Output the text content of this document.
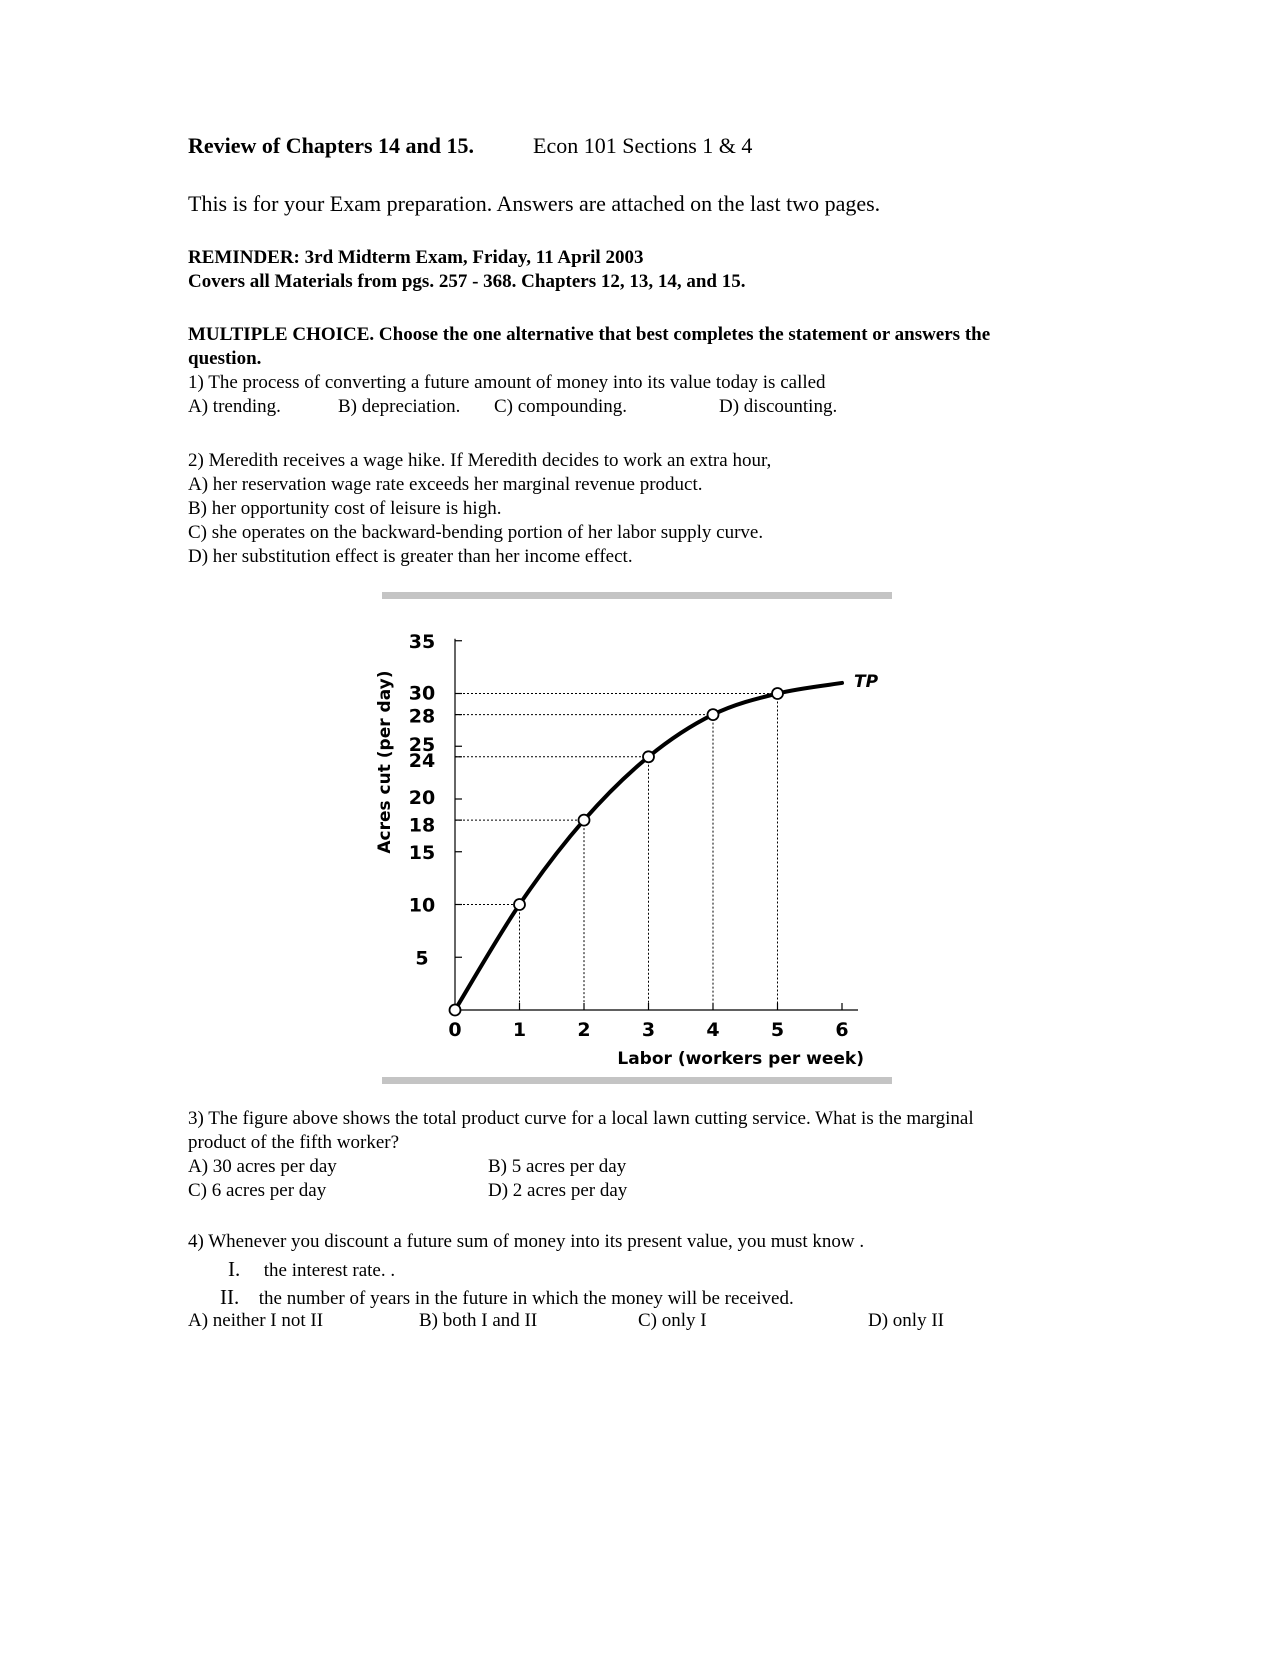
Review of Chapters 14 and 15.	Econ 101 Sections 1 & 4
This is for your Exam preparation. Answers are attached on the last two pages.
REMINDER: 3rd Midterm Exam, Friday, 11 April 2003
Covers all Materials from pgs. 257 - 368. Chapters 12, 13, 14, and 15.
MULTIPLE CHOICE. Choose the one alternative that best completes the statement or answers the
question.
1) The process of converting a future amount of money into its value today is called
A) trending.	B) depreciation. C) compounding.	D) discounting.
2) Meredith receives a wage hike. If Meredith decides to work an extra hour,
A) her reservation wage rate exceeds her marginal revenue product.
B) her opportunity cost of leisure is high.
C) she operates on the backward-bending portion of her labor supply curve.
D) her substitution effect is greater than her income effect.
TP
0	1	2	3	4	5	6
5
10
15
18
20
24
25
28
30
35
Labor (workers per week)
Acres cut (per day)
3) The figure above shows the total product curve for a local lawn cutting service. What is the marginal
product of the fifth worker?
A) 30 acres per day	B) 5 acres per day
C) 6 acres per day	D) 2 acres per day
4) Whenever you discount a future sum of money into its present value, you must know .
I. the interest rate. .
II. the number of years in the future in which the money will be received.
A) neither I not II	B) both I and II	C) only I	D) only II
